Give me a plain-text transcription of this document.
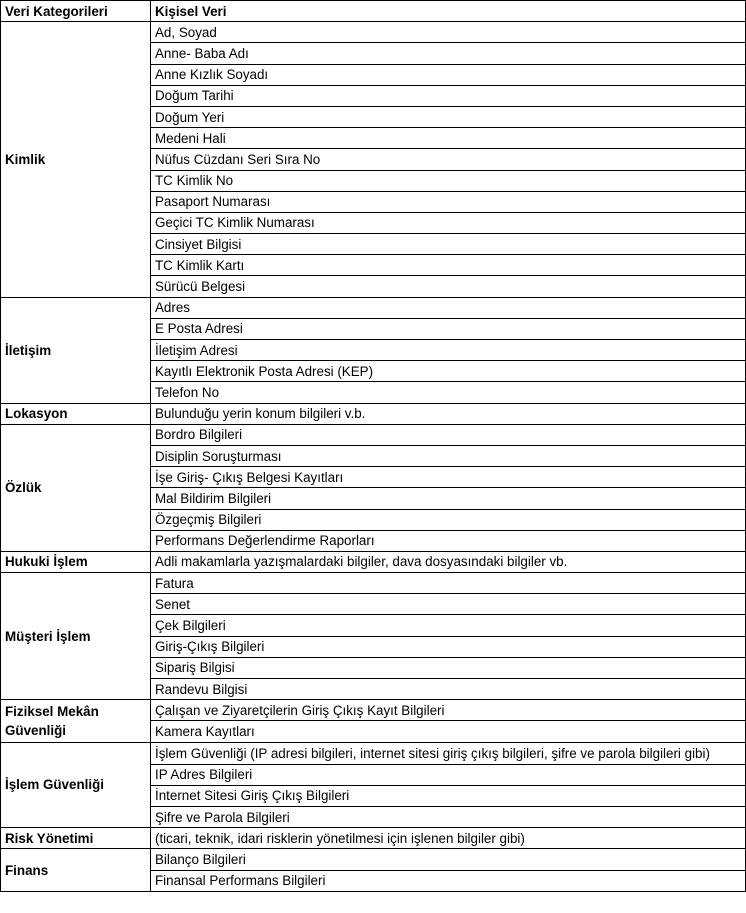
Veri Kategorileri	Kişisel Veri
Kimlik	Ad, Soyad
	Anne- Baba Adı
	Anne Kızlık Soyadı
	Doğum Tarihi
	Doğum Yeri
	Medeni Hali
	Nüfus Cüzdanı Seri Sıra No
	TC Kimlik No
	Pasaport Numarası
	Geçici TC Kimlik Numarası
	Cinsiyet Bilgisi
	TC Kimlik Kartı
	Sürücü Belgesi
İletişim	Adres
	E Posta Adresi
	İletişim Adresi
	Kayıtlı Elektronik Posta Adresi (KEP)
	Telefon No
Lokasyon	Bulunduğu yerin konum bilgileri v.b.
Özlük	Bordro Bilgileri
	Disiplin Soruşturması
	İşe Giriş- Çıkış Belgesi Kayıtları
	Mal Bildirim Bilgileri
	Özgeçmiş Bilgileri
	Performans Değerlendirme Raporları
Hukuki İşlem	Adli makamlarla yazışmalardaki bilgiler, dava dosyasındaki bilgiler vb.
Müşteri İşlem	Fatura
	Senet
	Çek Bilgileri
	Giriş-Çıkış Bilgileri
	Sipariş Bilgisi
	Randevu Bilgisi
Fiziksel Mekân Güvenliği	Çalışan ve Ziyaretçilerin Giriş Çıkış Kayıt Bilgileri
	Kamera Kayıtları
İşlem Güvenliği	İşlem Güvenliği (IP adresi bilgileri, internet sitesi giriş çıkış bilgileri, şifre ve parola bilgileri gibi)
	IP Adres Bilgileri
	İnternet Sitesi Giriş Çıkış Bilgileri
	Şifre ve Parola Bilgileri
Risk Yönetimi	(ticari, teknik, idari risklerin yönetilmesi için işlenen bilgiler gibi)
Finans	Bilanço Bilgileri
	Finansal Performans Bilgileri
